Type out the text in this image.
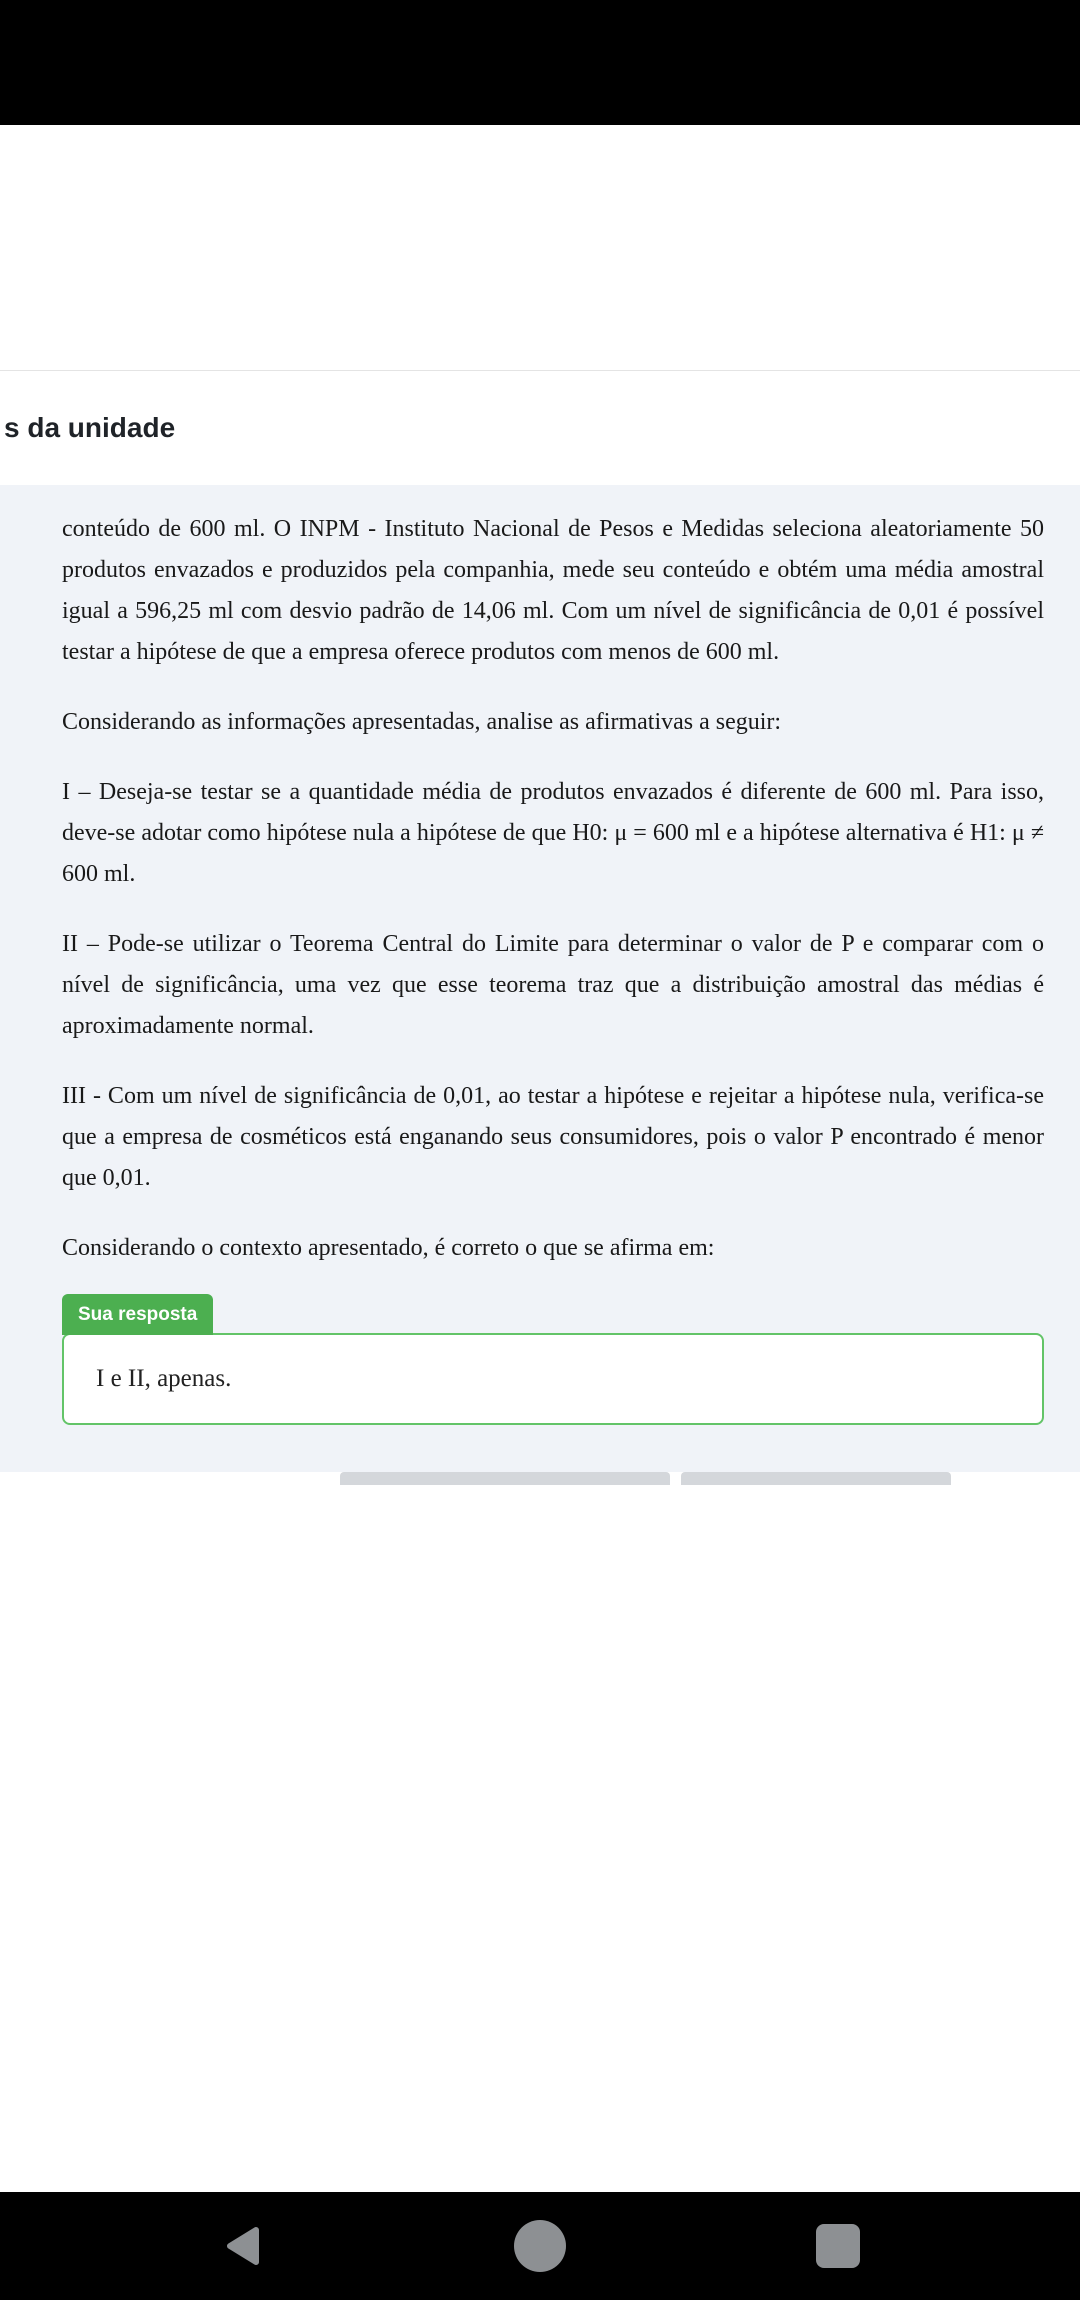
s da unidade

conteúdo de 600 ml. O INPM - Instituto Nacional de Pesos e Medidas seleciona aleatoriamente 50 produtos envazados e produzidos pela companhia, mede seu conteúdo e obtém uma média amostral igual a 596,25 ml com desvio padrão de 14,06 ml. Com um nível de significância de 0,01 é possível testar a hipótese de que a empresa oferece produtos com menos de 600 ml.

Considerando as informações apresentadas, analise as afirmativas a seguir:

I – Deseja-se testar se a quantidade média de produtos envazados é diferente de 600 ml. Para isso, deve-se adotar como hipótese nula a hipótese de que H0: μ = 600 ml e a hipótese alternativa é H1: μ ≠ 600 ml.

II – Pode-se utilizar o Teorema Central do Limite para determinar o valor de P e comparar com o nível de significância, uma vez que esse teorema traz que a distribuição amostral das médias é aproximadamente normal.

III - Com um nível de significância de 0,01, ao testar a hipótese e rejeitar a hipótese nula, verifica-se que a empresa de cosméticos está enganando seus consumidores, pois o valor P encontrado é menor que 0,01.

Considerando o contexto apresentado, é correto o que se afirma em:

Sua resposta
I e II, apenas.
